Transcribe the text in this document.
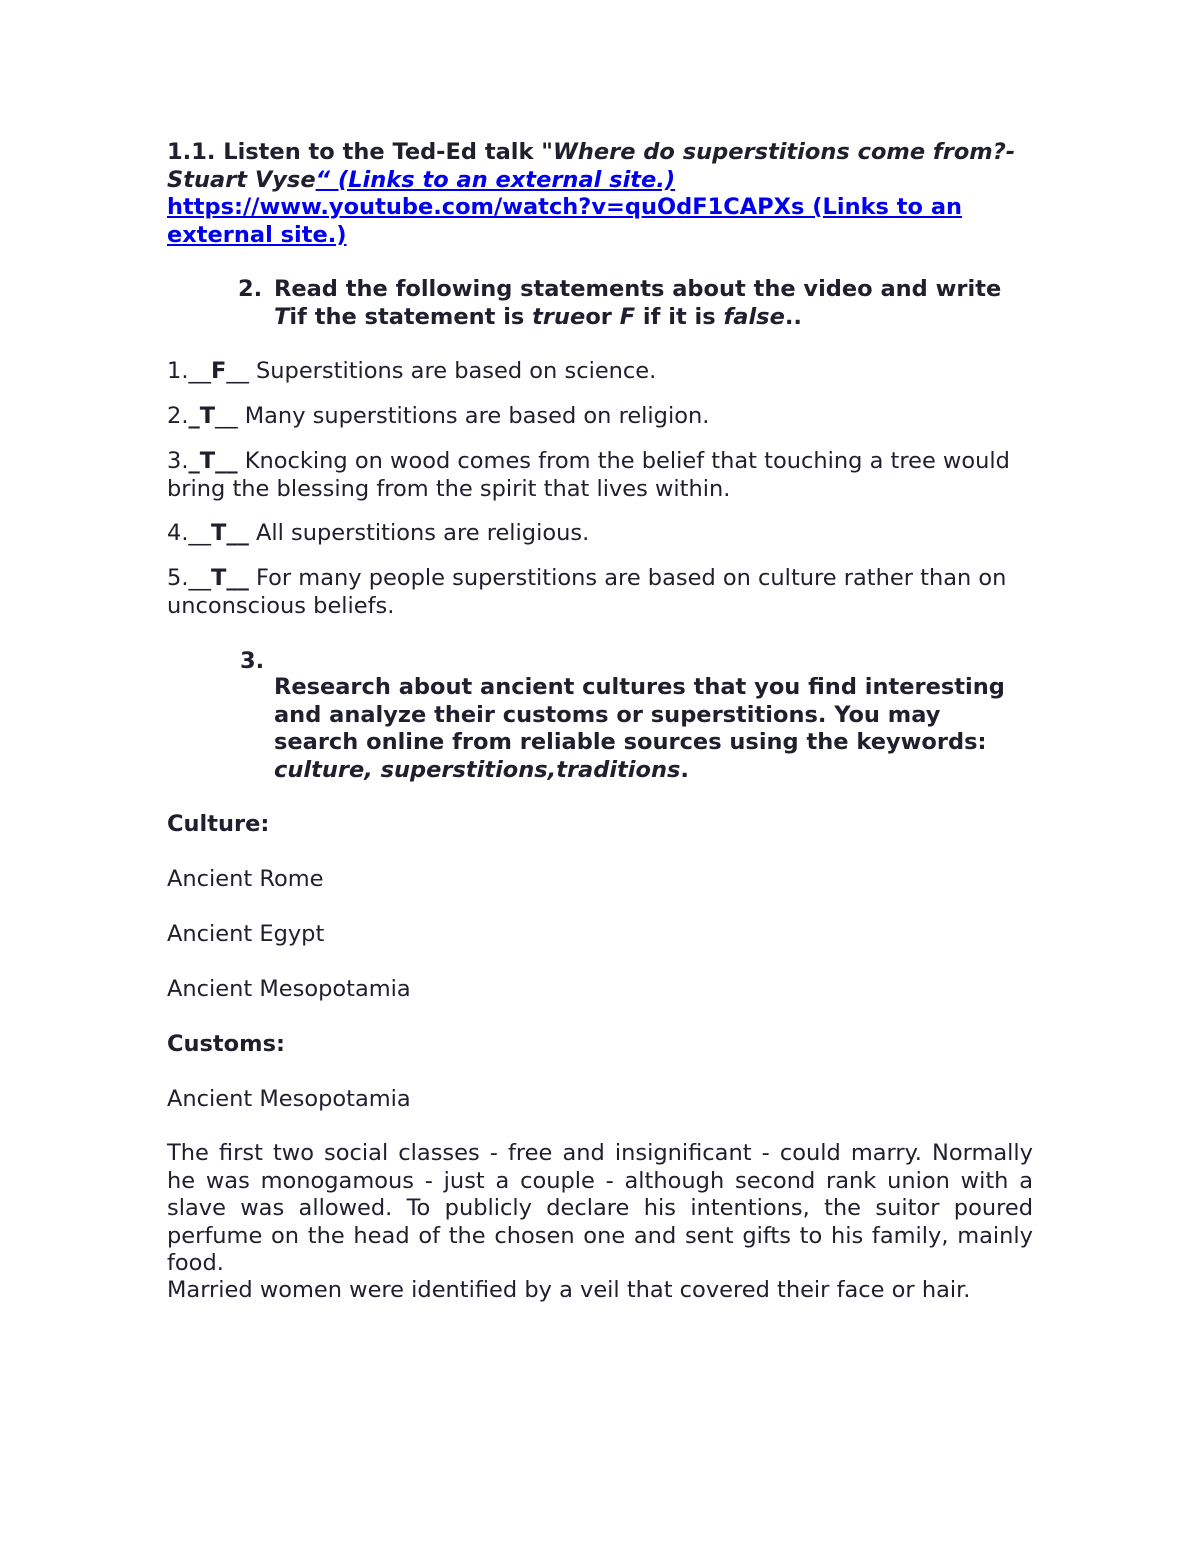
1.1. Listen to the Ted-Ed talk "Where do superstitions come from?- Stuart Vyse“ (Links to an external site.) https://www.youtube.com/watch?v=quOdF1CAPXs (Links to an external site.)
2. Read the following statements about the video and write Tif the statement is trueor F if it is false..
1.__F__ Superstitions are based on science.
2._T__ Many superstitions are based on religion.
3._T__ Knocking on wood comes from the belief that touching a tree would bring the blessing from the spirit that lives within.
4.__T__ All superstitions are religious.
5.__T__ For many people superstitions are based on culture rather than on unconscious beliefs.
3.
Research about ancient cultures that you find interesting and analyze their customs or superstitions. You may search online from reliable sources using the keywords: culture, superstitions,traditions.
Culture:
Ancient Rome
Ancient Egypt
Ancient Mesopotamia
Customs:
Ancient Mesopotamia
The first two social classes - free and insignificant - could marry. Normally he was monogamous - just a couple - although second rank union with a slave was allowed. To publicly declare his intentions, the suitor poured perfume on the head of the chosen one and sent gifts to his family, mainly food.
Married women were identified by a veil that covered their face or hair.
